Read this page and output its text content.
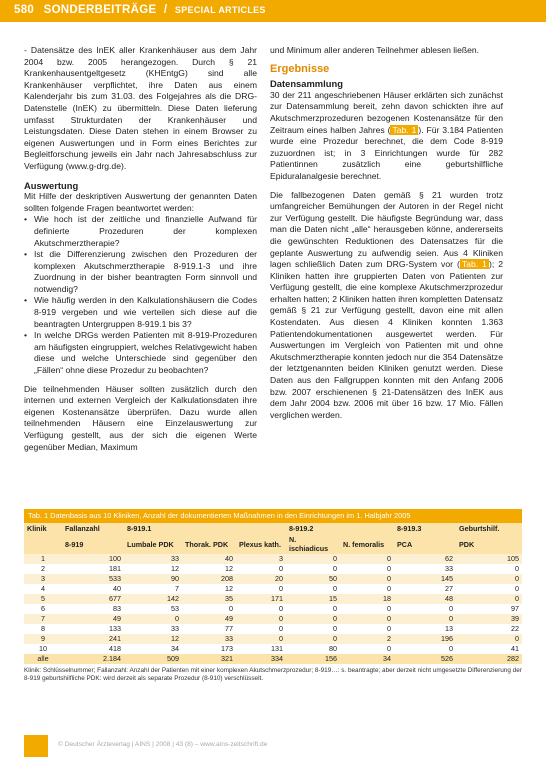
580 SONDERBEITRÄGE / SPECIAL ARTICLES

- Datensätze des InEK aller Krankenhäuser aus dem Jahr 2004 bzw. 2005 herangezogen. Durch § 21 Krankenhausentgeltgesetz (KHEntgG) sind alle Krankenhäuser verpflichtet, ihre Daten aus einem Kalenderjahr bis zum 31.03. des Folgejahres als die DRG-Datenstelle (InEK) zu übermitteln. Diese Daten lieferung umfasst Strukturdaten der Krankenhäuser und Leistungsdaten. Diese Daten stehen in einem Browser zu eigenen Auswertungen und in Form eines Berichtes zur Begleitforschung jeweils ein Jahr nach Jahresabschluss zur Verfügung (www.g-drg.de).

Auswertung

Mit Hilfe der deskriptiven Auswertung der genannten Daten sollten folgende Fragen beantwortet werden:

• Wie hoch ist der zeitliche und finanzielle Aufwand für definierte Prozeduren der komplexen Akutschmerztherapie?
• Ist die Differenzierung zwischen den Prozeduren der komplexen Akutschmerztherapie 8-919.1-3 und ihre Zuordnung in der bisher beantragten Form sinnvoll und notwendig?
• Wie häufig werden in den Kalkulationshäusern die Codes 8-919 vergeben und wie verteilen sich diese auf die beantragten Untergruppen 8-919.1 bis 3?
• In welche DRGs werden Patienten mit 8-919-Prozeduren am häufigsten eingruppiert, welches Relativgewicht haben diese und welche Unterschiede sind gegenüber den „Fällen“ ohne diese Prozedur zu beobachten?

Die teilnehmenden Häuser sollten zusätzlich durch den internen und externen Vergleich der Kalkulationsdaten ihre eigenen Kostenansätze überprüfen. Dazu wurde allen teilnehmenden Häusern eine Einzelauswertung zur Verfügung gestellt, aus der sich die eigenen Werte gegenüber Median, Maximum

und Minimum aller anderen Teilnehmer ablesen ließen.

Ergebnisse
Datensammlung

30 der 211 angeschriebenen Häuser erklärten sich zunächst zur Datensammlung bereit, zehn davon schickten ihre auf Akutschmerzprozeduren bezogenen Kostenansätze für den Zeitraum eines halben Jahres ( Tab. 1 ). Für 3.184 Patienten wurde eine Prozedur berechnet, die dem Code 8-919 zuzuordnen ist; in 3 Einrichtungen wurde für 282 Patientinnen zusätzlich eine geburtshilfliche Epiduralanalgesie berechnet.

Die fallbezogenen Daten gemäß § 21 wurden trotz umfangreicher Bemühungen der Autoren in der Regel nicht zur Verfügung gestellt. Die häufigste Begründung war, dass man die Daten nicht „alle“ herausgeben könne, andererseits die gewünschten Reduktionen des Datensatzes für die geplante Auswertung zu aufwendig seien. Aus 4 Kliniken lagen schließlich Daten zum DRG-System vor ( Tab. 1 ); 2 Kliniken hatten ihre gruppierten Daten von Patienten zur Verfügung gestellt, die eine komplexe Akutschmerzprozedur erhalten hatten; 2 Kliniken hatten ihren kompletten Datensatz gemäß § 21 zur Verfügung gestellt, davon eine mit allen Kostendaten. Aus diesen 4 Kliniken konnten 1.363 Patientendokumentationen ausgewertet werden. Für Auswertungen im Vergleich von Patienten mit und ohne Akutschmerztherapie konnten jedoch nur die 354 Datensätze der letztgenannten beiden Kliniken genutzt werden. Diese Daten aus den Fallgruppen konnten mit den Anfang 2006 bzw. 2007 erschienenen § 21-Datensätzen des InEK aus dem Jahr 2004 bzw. 2006 mit über 16 bzw. 17 Mio. Fällen verglichen werden.

Tab. 1 Datenbasis aus 10 Kliniken, Anzahl der dokumentierten Maßnahmen in den Einrichtungen im 1. Halbjahr 2005
Klinik	Fallanzahl	8-919.1			8-919.2		8-919.3	Geburtshilf.
	8-919	Lumbale PDK	Thorak. PDK	Plexus kath.	N. ischiadicus	N. femoralis	PCA	PDK
1	100	33	40	3	0	0	62	105
2	181	12	12	0	0	0	33	0
3	533	90	208	20	50	0	145	0
4	40	7	12	0	0	0	27	0
5	677	142	35	171	15	18	48	0
6	83	53	0	0	0	0	0	97
7	49	0	49	0	0	0	0	39
8	133	33	77	0	0	0	13	22
9	241	12	33	0	0	2	196	0
10	418	34	173	131	80	0	0	41
alle	2.184	509	321	334	156	34	526	282
Klinik: Schlüsselnummer; Fallanzahl: Anzahl der Patienten mit einer komplexen Akutschmerzprozedur; 8-919…: s. beantragte; aber derzeit nicht umgesetzte Differenzierung der 8-919 geburtshilfliche PDK: wird derzeit als separate Prozedur (8-910) verschlüsselt.
© Deutscher Ärzteverlag | AINS | 2008 | 43 (8) – www.ains-zeitschrift.de
